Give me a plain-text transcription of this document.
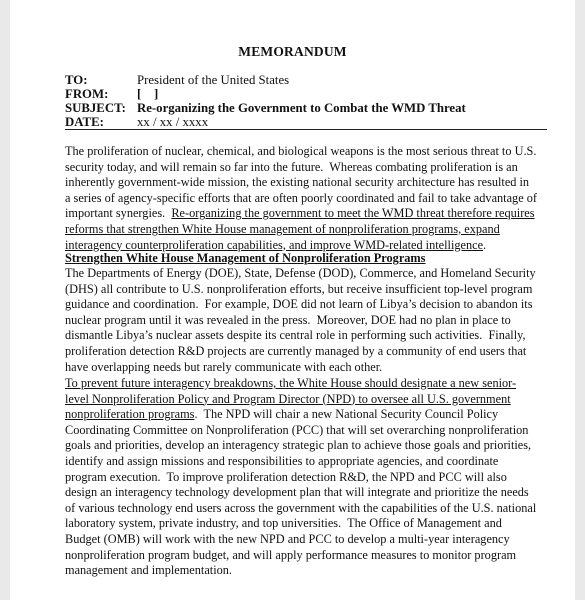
MEMORANDUM
TO:	President of the United States
FROM: [    ]
SUBJECT: Re-organizing the Government to Combat the WMD Threat
DATE:	xx / xx / xxxx
The proliferation of nuclear, chemical, and biological weapons is the most serious threat to U.S.
security today, and will remain so far into the future.  Whereas combating proliferation is an
inherently government-wide mission, the existing national security architecture has resulted in
a series of agency-specific efforts that are often poorly coordinated and fail to take advantage of
important synergies.  Re-organizing the government to meet the WMD threat therefore requires
reforms that strengthen White House management of nonproliferation programs, expand
interagency counterproliferation capabilities, and improve WMD-related intelligence.
Strengthen White House Management of Nonproliferation Programs
The Departments of Energy (DOE), State, Defense (DOD), Commerce, and Homeland Security
(DHS) all contribute to U.S. nonproliferation efforts, but receive insufficient top-level program
guidance and coordination.  For example, DOE did not learn of Libya’s decision to abandon its
nuclear program until it was revealed in the press.  Moreover, DOE had no plan in place to
dismantle Libya’s nuclear assets despite its central role in performing such activities.  Finally,
proliferation detection R&D projects are currently managed by a community of end users that
have overlapping needs but rarely communicate with each other.
To prevent future interagency breakdowns, the White House should designate a new senior-
level Nonproliferation Policy and Program Director (NPD) to oversee all U.S. government
nonproliferation programs.  The NPD will chair a new National Security Council Policy
Coordinating Committee on Nonproliferation (PCC) that will set overarching nonproliferation
goals and priorities, develop an interagency strategic plan to achieve those goals and priorities,
identify and assign missions and responsibilities to appropriate agencies, and coordinate
program execution.  To improve proliferation detection R&D, the NPD and PCC will also
design an interagency technology development plan that will integrate and prioritize the needs
of various technology end users across the government with the capabilities of the U.S. national
laboratory system, private industry, and top universities.  The Office of Management and
Budget (OMB) will work with the new NPD and PCC to develop a multi-year interagency
nonproliferation program budget, and will apply performance measures to monitor program
management and implementation.
